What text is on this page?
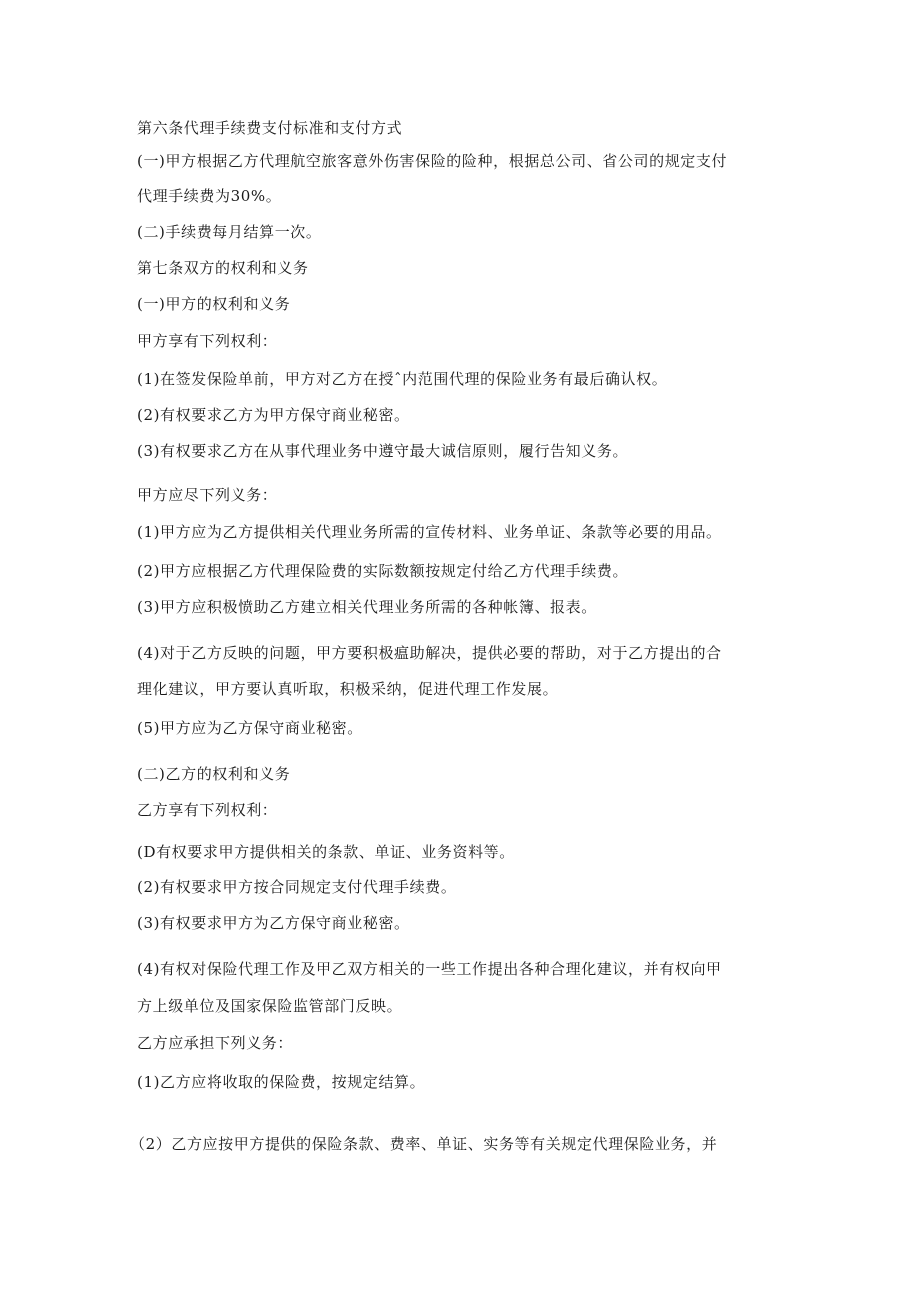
第六条代理手续费支付标准和支付方式
(一)甲方根据乙方代理航空旅客意外伤害保险的险种，根据总公司、省公司的规定支付
代理手续费为30%。
(二)手续费每月结算一次。
第七条双方的权利和义务
(一)甲方的权利和义务
甲方享有下列权利：
(1)在签发保险单前，甲方对乙方在授ˆ内范围代理的保险业务有最后确认权。
(2)有权要求乙方为甲方保守商业秘密。
(3)有权要求乙方在从事代理业务中遵守最大诚信原则，履行告知义务。
甲方应尽下列义务：
(1)甲方应为乙方提供相关代理业务所需的宣传材料、业务单证、条款等必要的用品。
(2)甲方应根据乙方代理保险费的实际数额按规定付给乙方代理手续费。
(3)甲方应积极愤助乙方建立相关代理业务所需的各种帐簿、报表。
(4)对于乙方反映的问题，甲方要积极瘟助解决，提供必要的帮助，对于乙方提出的合
理化建议，甲方要认真听取，积极采纳，促进代理工作发展。
(5)甲方应为乙方保守商业秘密。
(二)乙方的权利和义务
乙方享有下列权利：
(D有权要求甲方提供相关的条款、单证、业务资料等。
(2)有权要求甲方按合同规定支付代理手续费。
(3)有权要求甲方为乙方保守商业秘密。
(4)有权对保险代理工作及甲乙双方相关的一些工作提出各种合理化建议，并有权向甲
方上级单位及国家保险监管部门反映。
乙方应承担下列义务：
(1)乙方应将收取的保险费，按规定结算。
（2）乙方应按甲方提供的保险条款、费率、单证、实务等有关规定代理保险业务，并
